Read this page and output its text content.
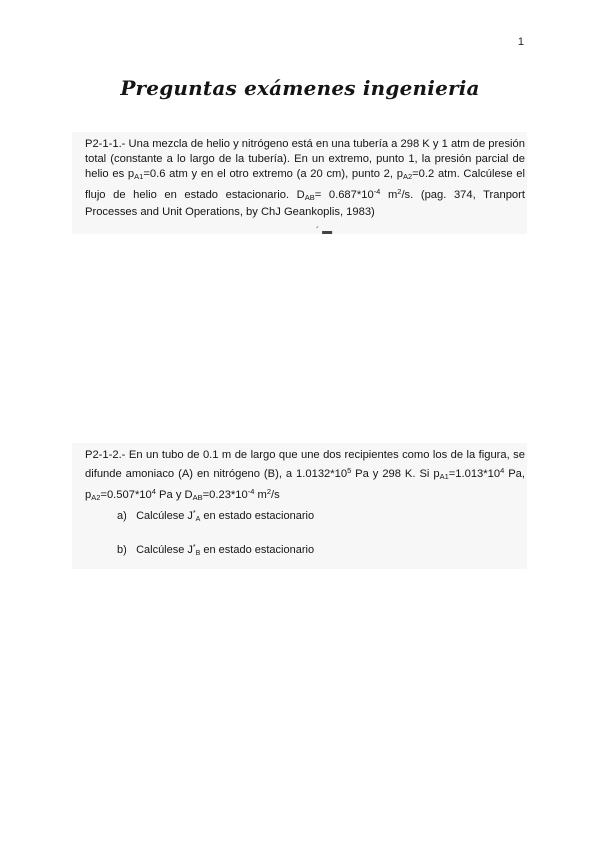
1
Preguntas exámenes ingenieria
P2-1-1.- Una mezcla de helio y nitrógeno está en una tubería a 298 K y 1 atm de presión total (constante a lo largo de la tubería). En un extremo, punto 1, la presión parcial de helio es $p_{A1}=0.6$ atm y en el otro extremo (a 20 cm), punto 2, $p_{A2}=0.2$ atm. Calcúlese el flujo de helio en estado estacionario. $D_{AB}= 0.687*10^{-4}$ $m^2/s$. (pag. 374, Tranport Processes and Unit Operations, by ChJ Geankoplis, 1983)
´ ▬
P2-1-2.- En un tubo de 0.1 m de largo que une dos recipientes como los de la figura, se difunde amoniaco (A) en nitrógeno (B), a $1.0132*10^5$ Pa y 298 K. Si $p_{A1}=1.013*10^4$ Pa, $p_{A2}=0.507*10^4$ Pa y $D_{AB}=0.23*10^{-4}$ $m^2/s$
a) Calcúlese $J^*_A$ en estado estacionario
b) Calcúlese $J^*_B$ en estado estacionario
